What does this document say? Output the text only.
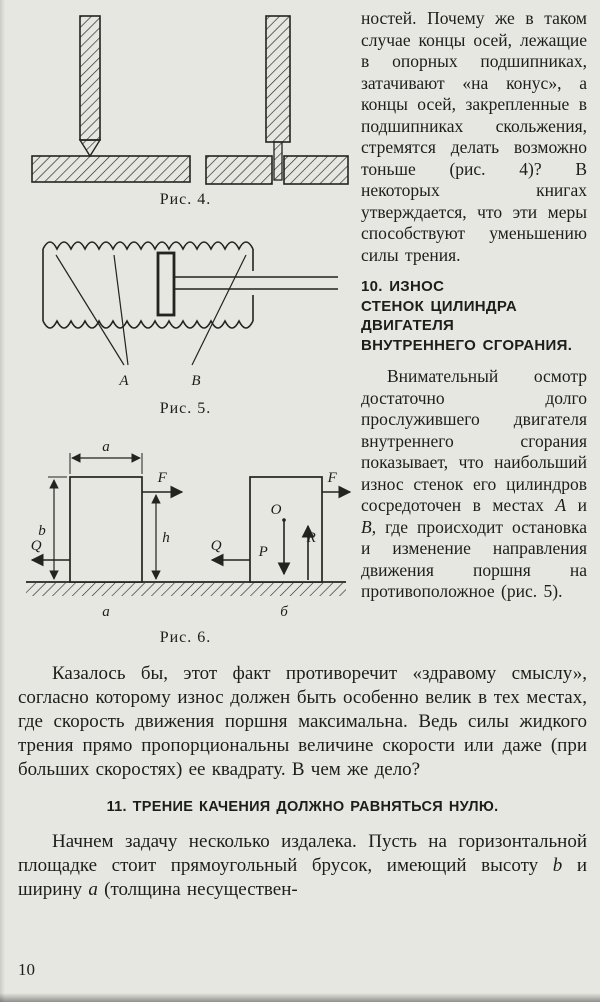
Рис. 4.
А	В
Рис. 5.
a
b
F⃗
h
Q⃗
а
F⃗
O
P⃗
R⃗
Q⃗
б
Рис. 6.

ностей. Почему же в таком случае концы осей, лежащие в опорных подшипниках, затачивают «на конус», а концы осей, закрепленные в подшипниках скольжения, стремятся делать возможно тоньше (рис. 4)? В некоторых книгах утверждается, что эти меры способствуют уменьшению силы трения.

10. ИЗНОС
СТЕНОК ЦИЛИНДРА
ДВИГАТЕЛЯ
ВНУТРЕННЕГО СГОРАНИЯ.

Внимательный осмотр достаточно долго прослужившего двигателя внутреннего сгорания показывает, что наибольший износ стенок его цилиндров сосредоточен в местах А и В, где происходит остановка и изменение направления движения поршня на противоположное (рис. 5).

Казалось бы, этот факт противоречит «здравому смыслу», согласно которому износ должен быть особенно велик в тех местах, где скорость движения поршня максимальна. Ведь силы жидкого трения прямо пропорциональны величине скорости или даже (при больших скоростях) ее квадрату. В чем же дело?

11. ТРЕНИЕ КАЧЕНИЯ ДОЛЖНО РАВНЯТЬСЯ НУЛЮ.

Начнем задачу несколько издалека. Пусть на горизонтальной площадке стоит прямоугольный брусок, имеющий высоту b и ширину а (толщина несуществен-

10
